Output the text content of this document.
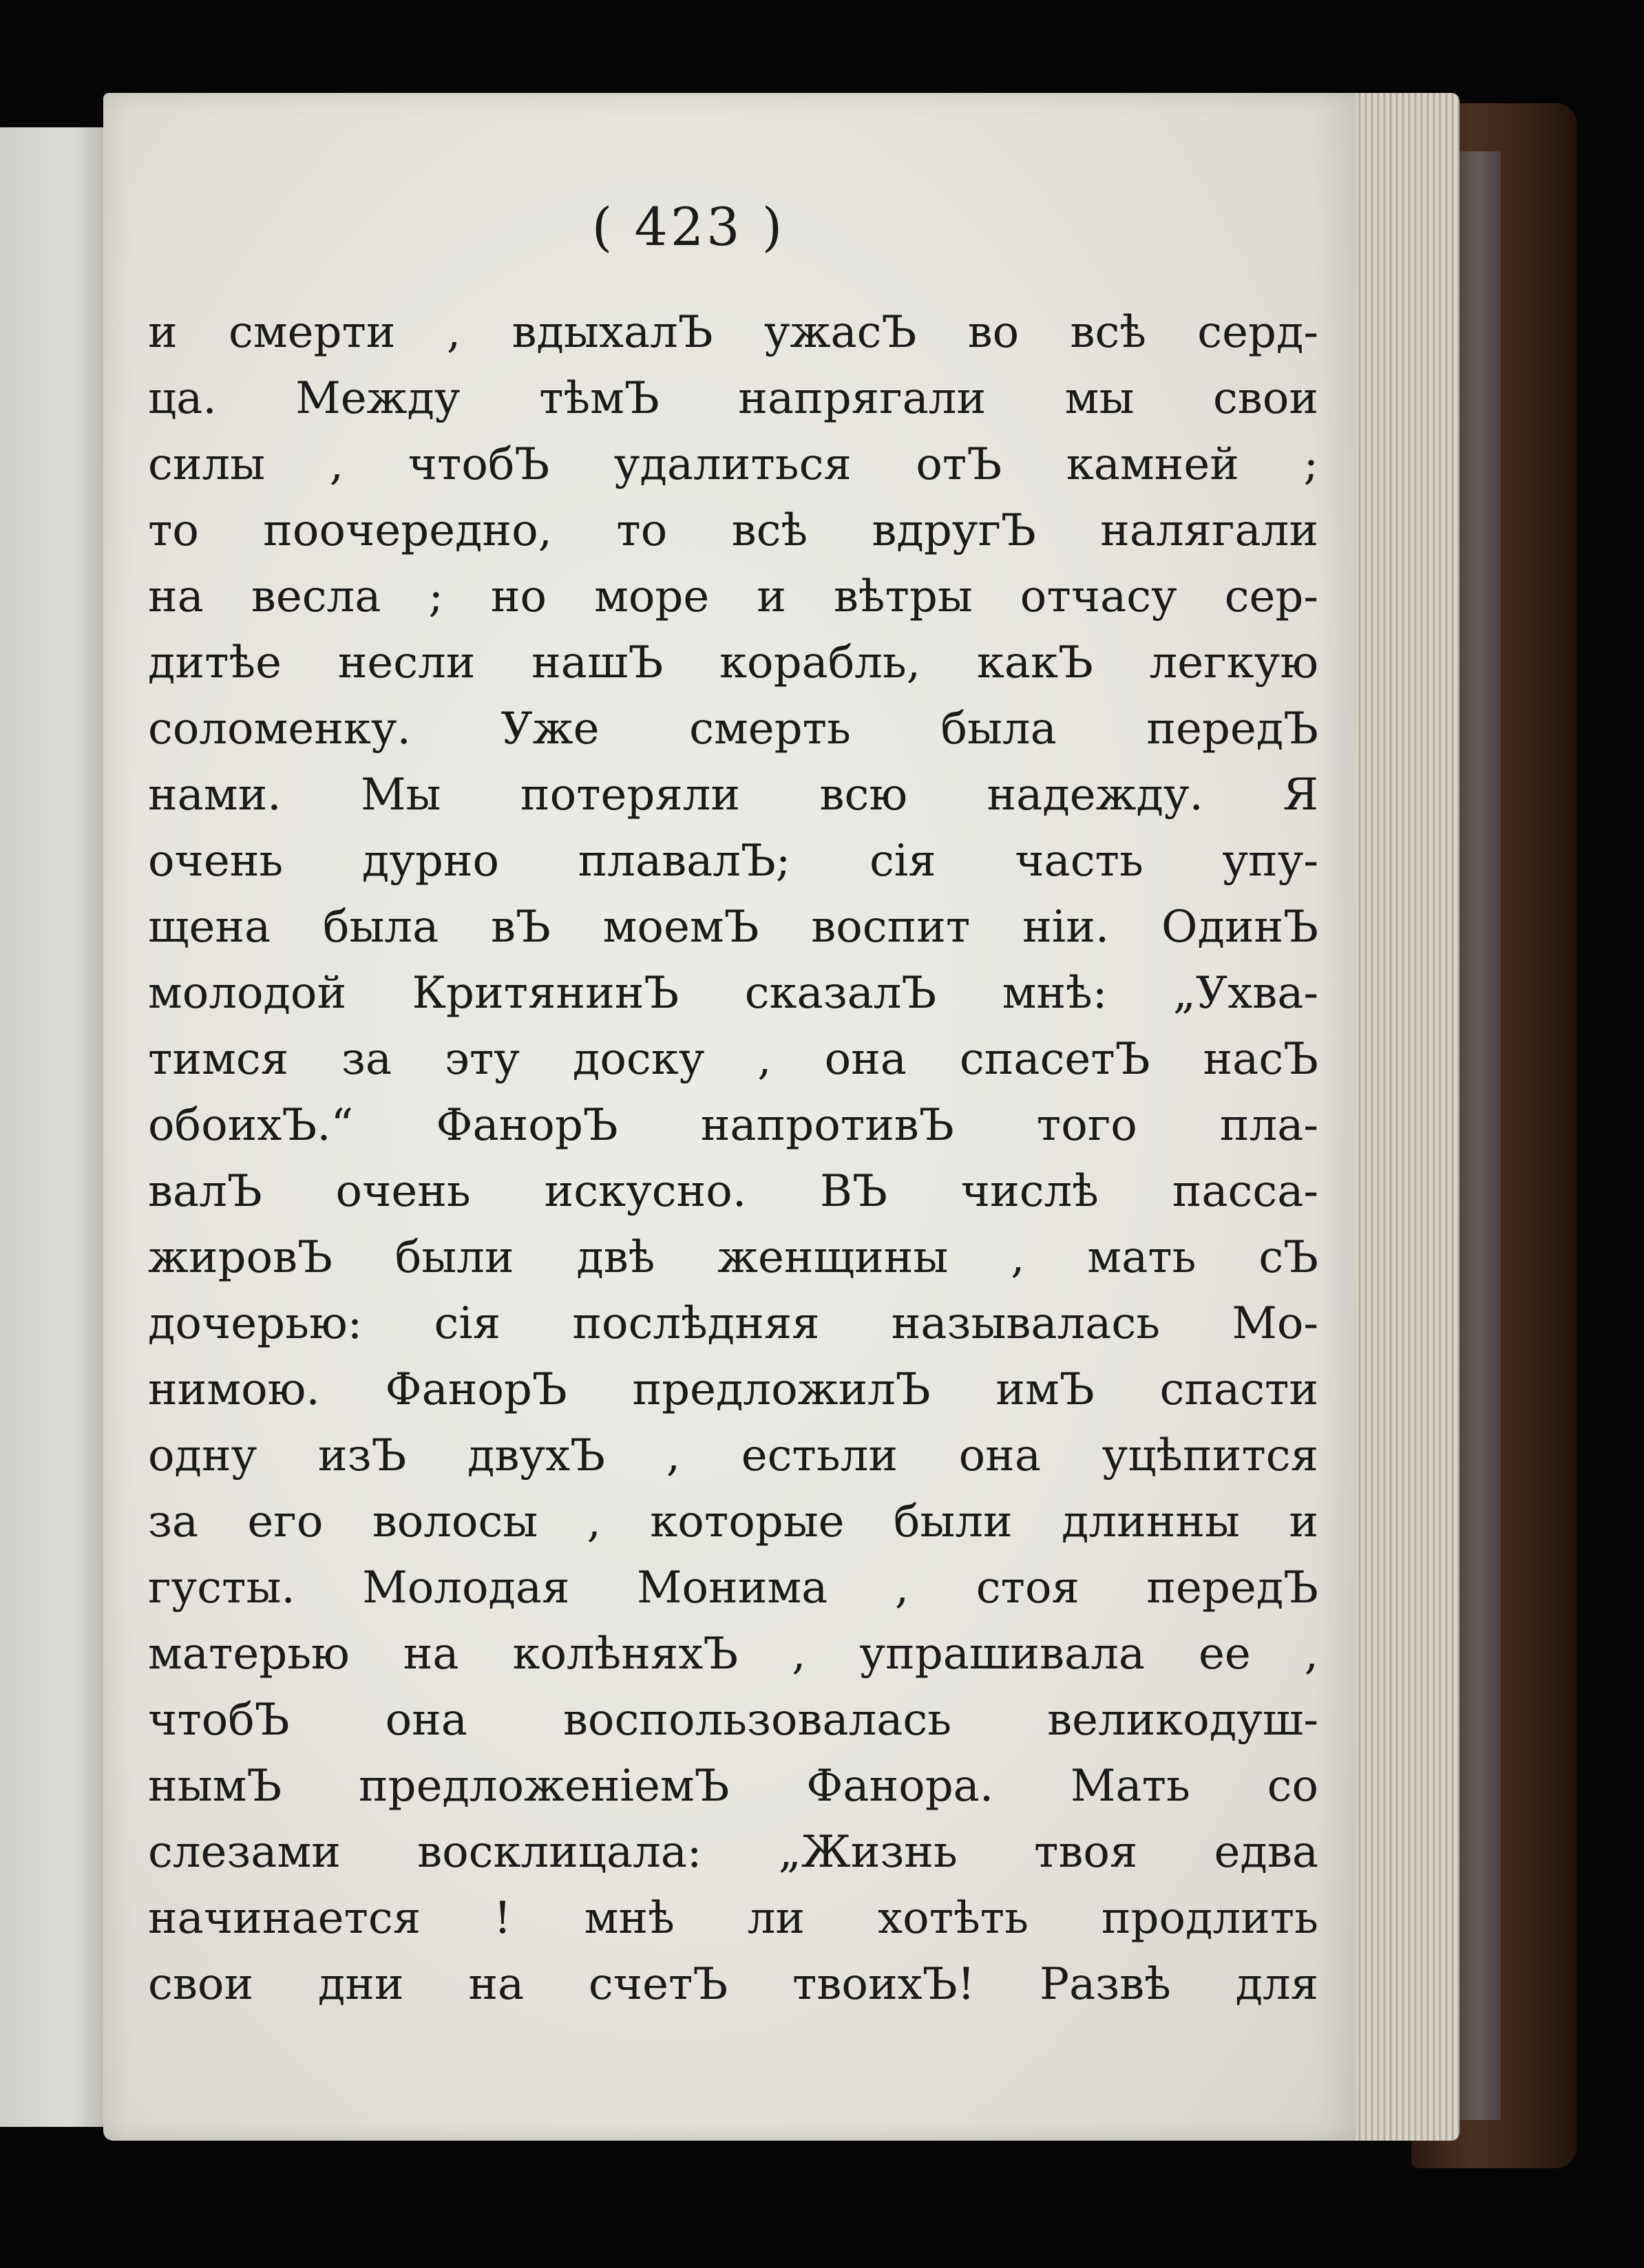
( 423 )
и смерти , вдыхалЪ ужасЪ во всѣ серд-
ца. Между тѣмЪ напрягали мы свои
силы , чтобЪ удалиться отЪ камней ;
то поочередно, то всѣ вдругЪ налягали
на весла ; но море и вѣтры отчасу сер-
дитѣе несли нашЪ корабль, какЪ легкую
соломенку. Уже смерть была передЪ
нами. Мы потеряли всю надежду. Я
очень дурно плавалЪ; сія часть упу-
щена была вЪ моемЪ воспит ніи. ОдинЪ
молодой КритянинЪ сказалЪ мнѣ: „Ухва-
тимся за эту доску , она спасетЪ насЪ
обоихЪ.“ ФанорЪ напротивЪ того пла-
валЪ очень искусно. ВЪ числѣ пасса-
жировЪ были двѣ женщины , мать сЪ
дочерью: сія послѣдняя называлась Мо-
нимою. ФанорЪ предложилЪ имЪ спасти
одну изЪ двухЪ , естьли она уцѣпится
за его волосы , которые были длинны и
густы. Молодая Монима , стоя передЪ
матерью на колѣняхЪ , упрашивала ее ,
чтобЪ она воспользовалась великодуш-
нымЪ предложеніемЪ Фанора. Мать со
слезами восклицала: „Жизнь твоя едва
начинается ! мнѣ ли хотѣть продлить
свои дни на счетЪ твоихЪ! Развѣ для
